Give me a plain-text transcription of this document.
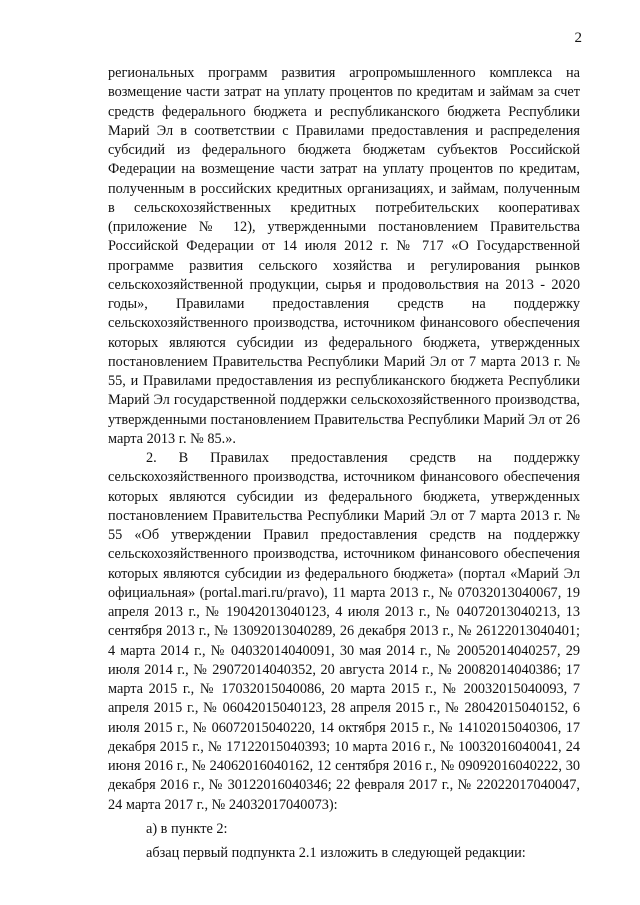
2

региональных программ развития агропромышленного комплекса на возмещение части затрат на уплату процентов по кредитам и займам за счет средств федерального бюджета и республиканского бюджета Республики Марий Эл в соответствии с Правилами предоставления и распределения субсидий из федерального бюджета бюджетам субъектов Российской Федерации на возмещение части затрат на уплату процентов по кредитам, полученным в российских кредитных организациях, и займам, полученным в сельскохозяйственных кредитных потребительских кооперативах (приложение № 12), утвержденными постановлением Правительства Российской Федерации от 14 июля 2012 г. № 717 «О Государственной программе развития сельского хозяйства и регулирования рынков сельскохозяйственной продукции, сырья и продовольствия на 2013 - 2020 годы», Правилами предоставления средств на поддержку сельскохозяйственного производства, источником финансового обеспечения которых являются субсидии из федерального бюджета, утвержденных постановлением Правительства Республики Марий Эл от 7 марта 2013 г. № 55, и Правилами предоставления из республиканского бюджета Республики Марий Эл государственной поддержки сельскохозяйственного производства, утвержденными постановлением Правительства Республики Марий Эл от 26 марта 2013 г. № 85.».

2. В Правилах предоставления средств на поддержку сельскохозяйственного производства, источником финансового обеспечения которых являются субсидии из федерального бюджета, утвержденных постановлением Правительства Республики Марий Эл от 7 марта 2013 г. № 55 «Об утверждении Правил предоставления средств на поддержку сельскохозяйственного производства, источником финансового обеспечения которых являются субсидии из федерального бюджета» (портал «Марий Эл официальная» (portal.mari.ru/pravo), 11 марта 2013 г., № 07032013040067, 19 апреля 2013 г., № 19042013040123, 4 июля 2013 г., № 04072013040213, 13 сентября 2013 г., № 13092013040289, 26 декабря 2013 г., № 26122013040401; 4 марта 2014 г., № 04032014040091, 30 мая 2014 г., № 20052014040257, 29 июля 2014 г., № 29072014040352, 20 августа 2014 г., № 20082014040386; 17 марта 2015 г., № 17032015040086, 20 марта 2015 г., № 20032015040093, 7 апреля 2015 г., № 06042015040123, 28 апреля 2015 г., № 28042015040152, 6 июля 2015 г., № 06072015040220, 14 октября 2015 г., № 14102015040306, 17 декабря 2015 г., № 17122015040393; 10 марта 2016 г., № 10032016040041, 24 июня 2016 г., № 24062016040162, 12 сентября 2016 г., № 09092016040222, 30 декабря 2016 г., № 30122016040346; 22 февраля 2017 г., № 22022017040047, 24 марта 2017 г., № 24032017040073):

а) в пункте 2:

абзац первый подпункта 2.1 изложить в следующей редакции:
